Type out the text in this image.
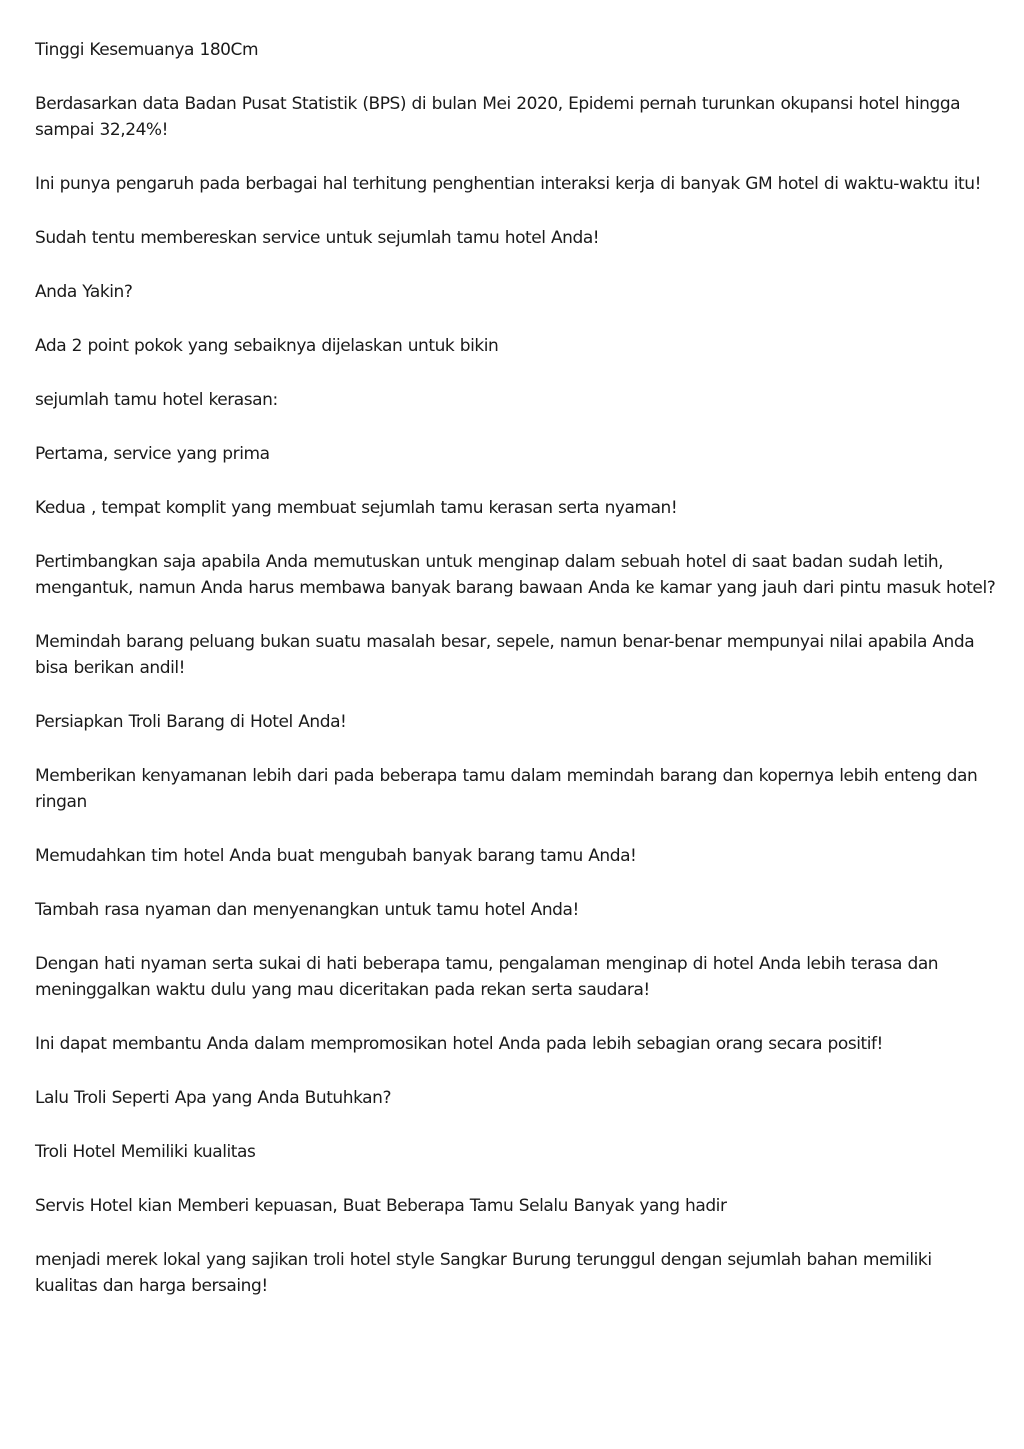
Tinggi Kesemuanya 180Cm

Berdasarkan data Badan Pusat Statistik (BPS) di bulan Mei 2020, Epidemi pernah turunkan okupansi hotel hingga sampai 32,24%!

Ini punya pengaruh pada berbagai hal terhitung penghentian interaksi kerja di banyak GM hotel di waktu-waktu itu!

Sudah tentu membereskan service untuk sejumlah tamu hotel Anda!

Anda Yakin?

Ada 2 point pokok yang sebaiknya dijelaskan untuk bikin

sejumlah tamu hotel kerasan:

Pertama, service yang prima

Kedua , tempat komplit yang membuat sejumlah tamu kerasan serta nyaman!

Pertimbangkan saja apabila Anda memutuskan untuk menginap dalam sebuah hotel di saat badan sudah letih, mengantuk, namun Anda harus membawa banyak barang bawaan Anda ke kamar yang jauh dari pintu masuk hotel?

Memindah barang peluang bukan suatu masalah besar, sepele, namun benar-benar mempunyai nilai apabila Anda bisa berikan andil!

Persiapkan Troli Barang di Hotel Anda!

Memberikan kenyamanan lebih dari pada beberapa tamu dalam memindah barang dan kopernya lebih enteng dan ringan

Memudahkan tim hotel Anda buat mengubah banyak barang tamu Anda!

Tambah rasa nyaman dan menyenangkan untuk tamu hotel Anda!

Dengan hati nyaman serta sukai di hati beberapa tamu, pengalaman menginap di hotel Anda lebih terasa dan meninggalkan waktu dulu yang mau diceritakan pada rekan serta saudara!

Ini dapat membantu Anda dalam mempromosikan hotel Anda pada lebih sebagian orang secara positif!

Lalu Troli Seperti Apa yang Anda Butuhkan?

Troli Hotel Memiliki kualitas

Servis Hotel kian Memberi kepuasan, Buat Beberapa Tamu Selalu Banyak yang hadir

menjadi merek lokal yang sajikan troli hotel style Sangkar Burung terunggul dengan sejumlah bahan memiliki kualitas dan harga bersaing!
